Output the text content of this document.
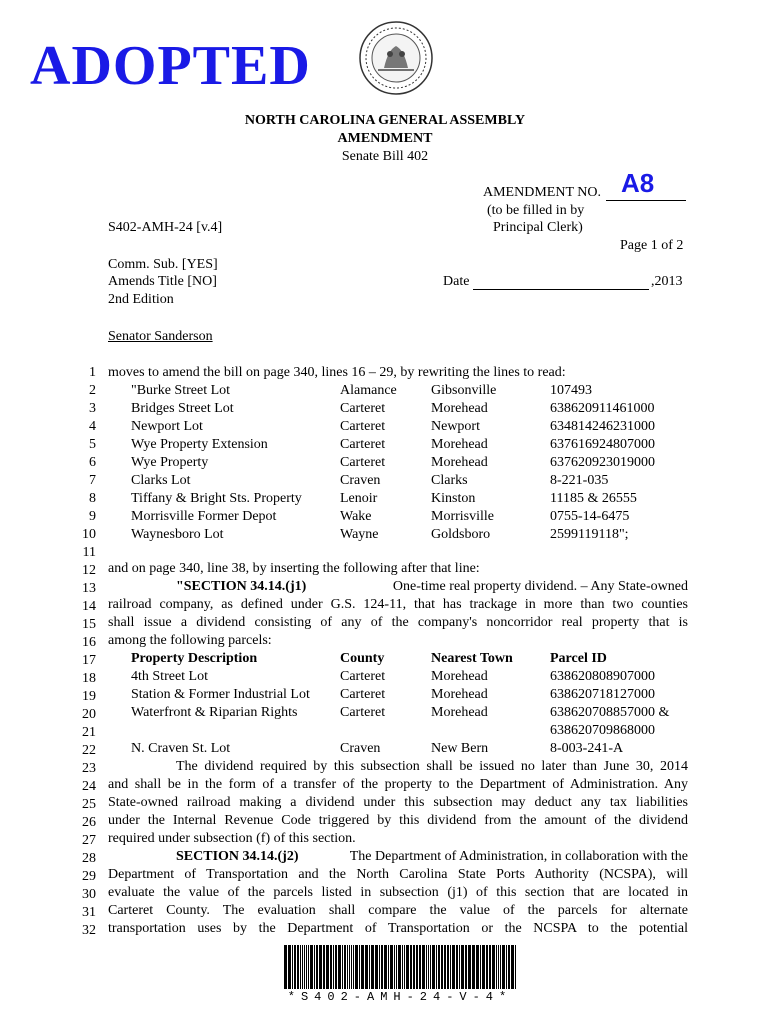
ADOPTED
NORTH CAROLINA GENERAL ASSEMBLY
AMENDMENT
Senate Bill 402
AMENDMENT NO. A8
(to be filled in by
Principal Clerk)
S402-AMH-24 [v.4]
Page 1 of 2
Comm. Sub. [YES]
Amends Title [NO]
2nd Edition
Date	,2013
Senator Sanderson
1
2
3
4
5
6
7
8
9
10
11
12
13
14
15
16
17
18
19
20
21
22
23
24
25
26
27
28
29
30
31
32
moves to amend the bill on page 340, lines 16 – 29, by rewriting the lines to read:
"Burke Street Lot	Alamance Gibsonville	107493
Bridges Street Lot	Carteret	Morehead	638620911461000
Newport Lot	Carteret	Newport	634814246231000
Wye Property Extension	Carteret	Morehead	637616924807000
Wye Property	Carteret	Morehead	637620923019000
Clarks Lot	Craven	Clarks	8-221-035
Tiffany & Bright Sts. Property	Lenoir	Kinston	11185 & 26555
Morrisville Former Depot	Wake	Morrisville	0755-14-6475
Waynesboro Lot	Wayne	Goldsboro	2599119118";
and on page 340, line 38, by inserting the following after that line:
"SECTION 34.14.(j1)	One-time real property dividend. – Any State-owned
railroad company, as defined under G.S. 124-11, that has trackage in more than two counties
shall issue a dividend consisting of any of the company's noncorridor real property that is
among the following parcels:
Property Description	County	Nearest Town	Parcel ID
4th Street Lot	Carteret	Morehead	638620808907000
Station & Former Industrial Lot Carteret	Morehead	638620718127000
Waterfront & Riparian Rights	Carteret	Morehead	638620708857000 &
638620709868000
N. Craven St. Lot	Craven	New Bern	8-003-241-A
The dividend required by this subsection shall be issued no later than June 30, 2014
and shall be in the form of a transfer of the property to the Department of Administration. Any
State-owned railroad making a dividend under this subsection may deduct any tax liabilities
under the Internal Revenue Code triggered by this dividend from the amount of the dividend
required under subsection (f) of this section.
SECTION 34.14.(j2)	The Department of Administration, in collaboration with the
Department of Transportation and the North Carolina State Ports Authority (NCSPA), will
evaluate the value of the parcels listed in subsection (j1) of this section that are located in
Carteret County. The evaluation shall compare the value of the parcels for alternate
transportation uses by the Department of Transportation or the NCSPA to the potential
*S402-AMH-24-V-4*
